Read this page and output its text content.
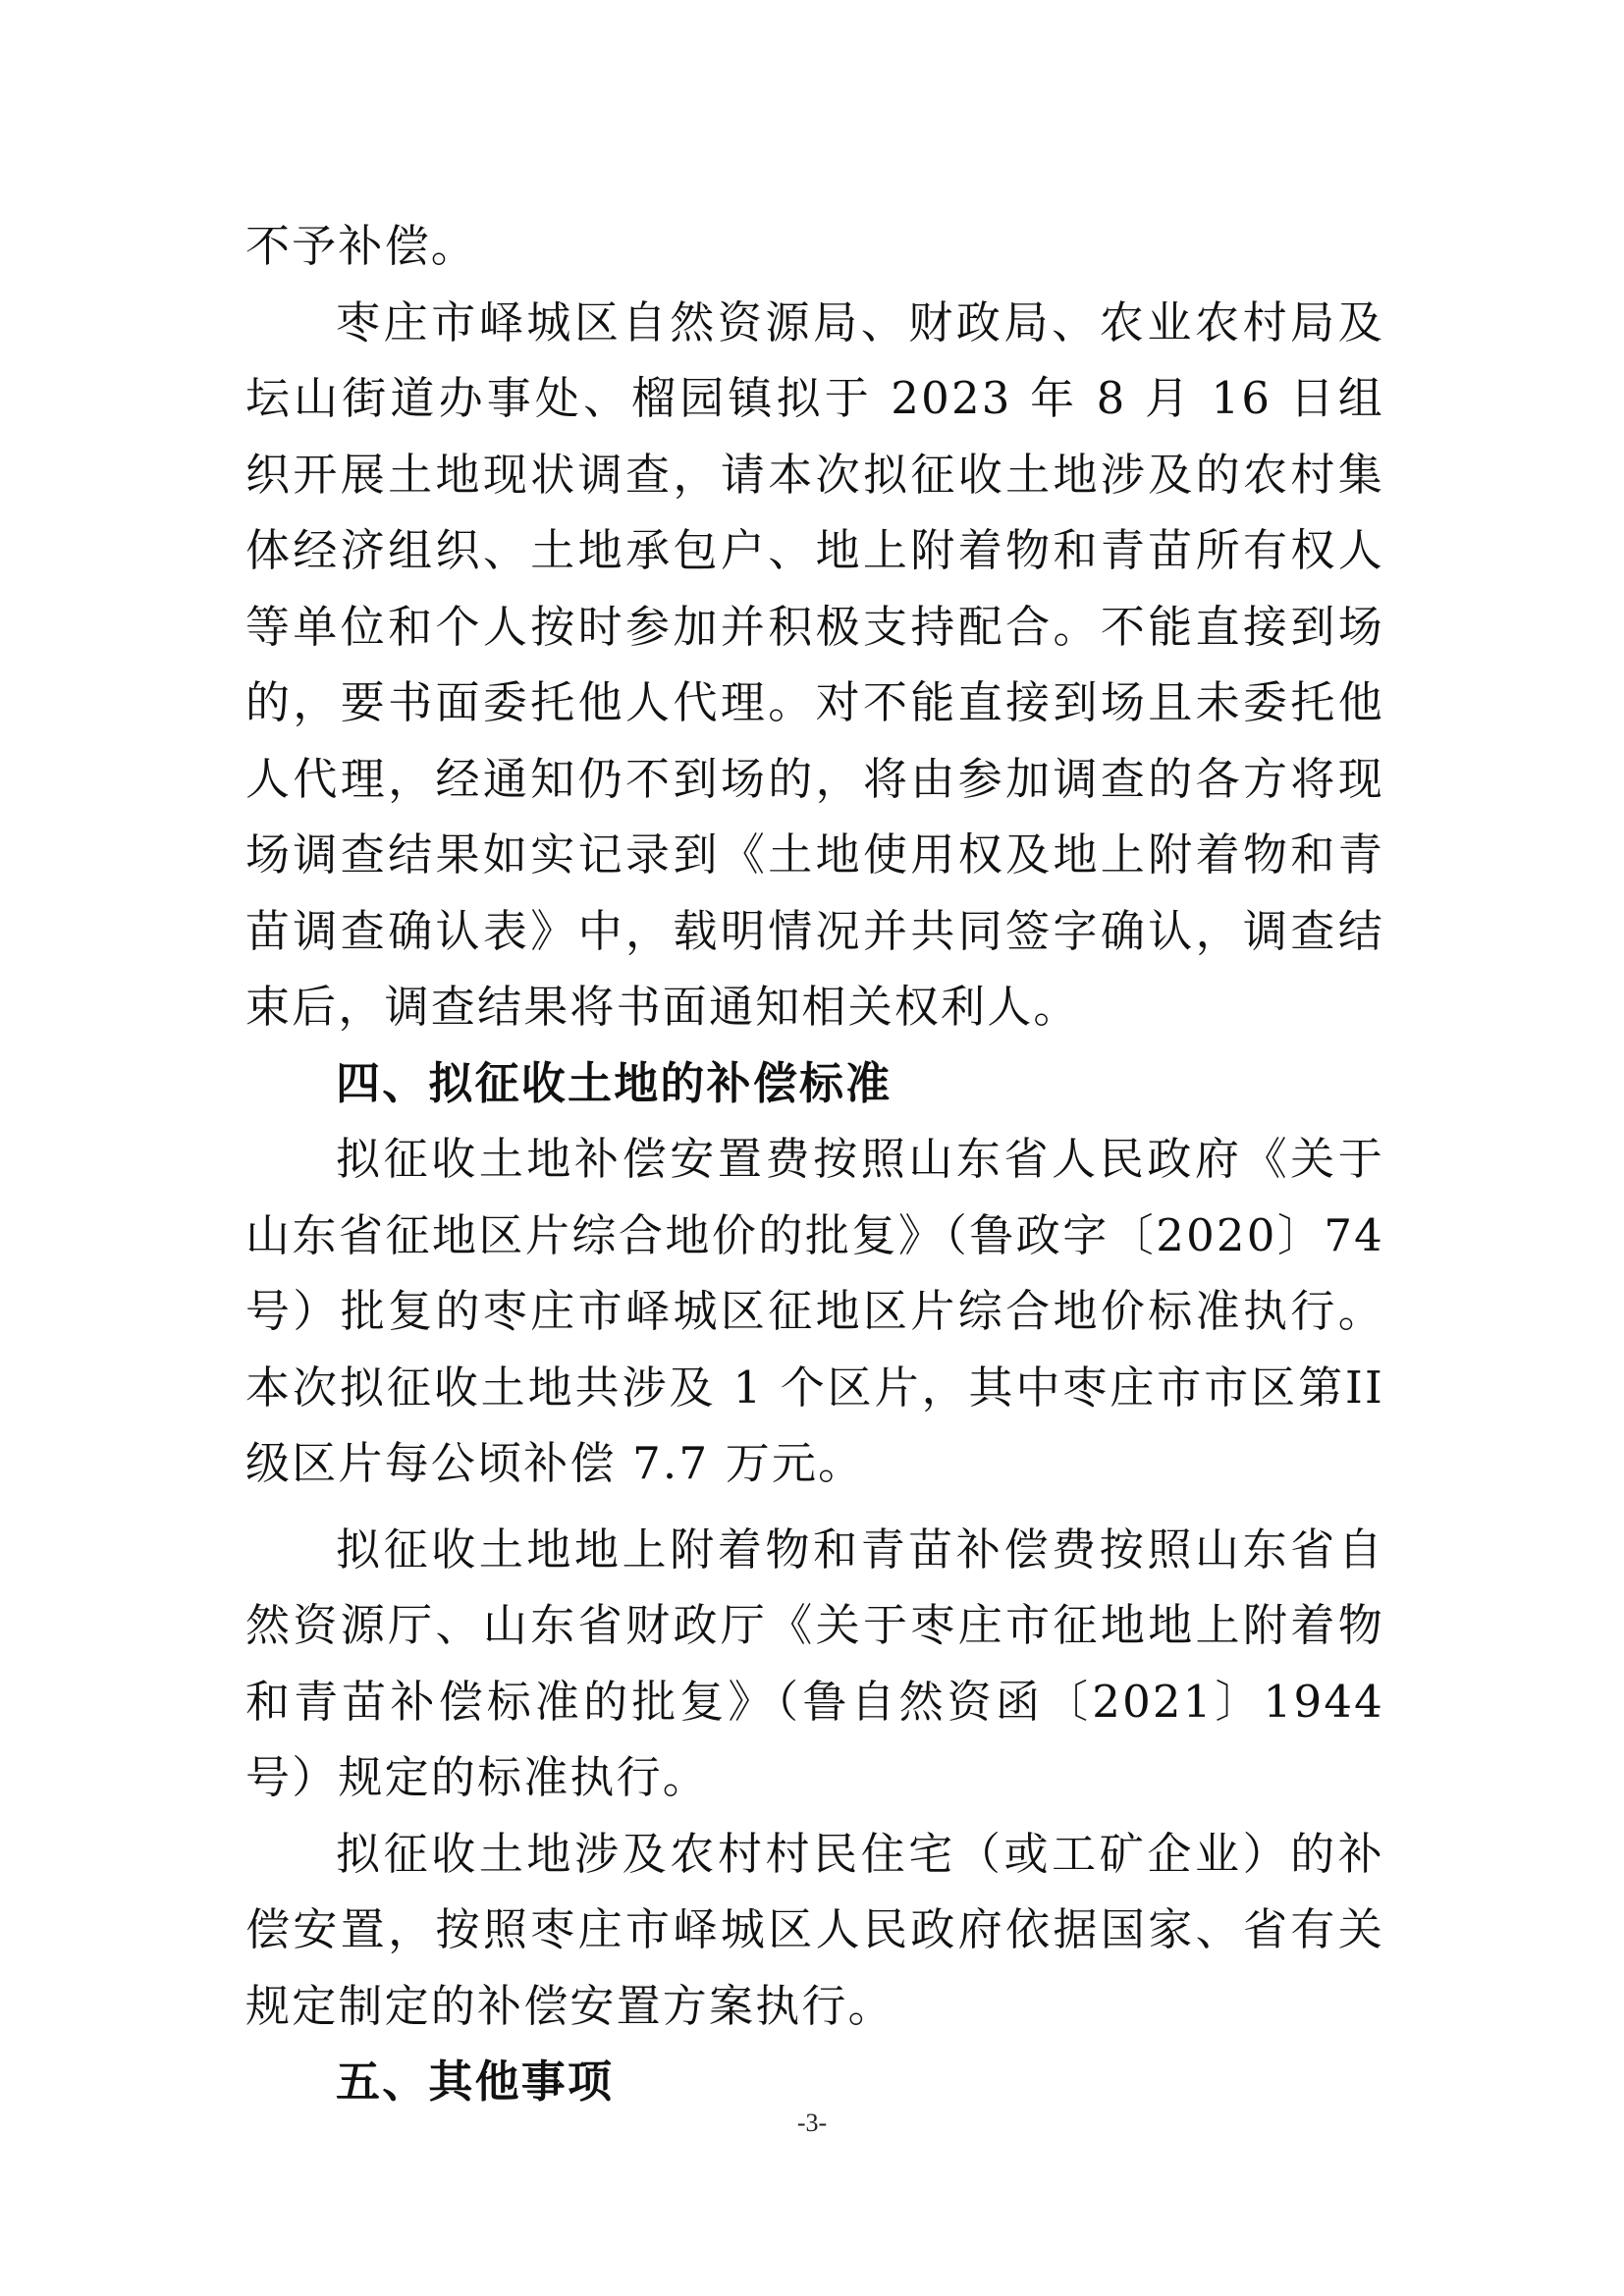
不予补偿。

枣庄市峄城区自然资源局、财政局、农业农村局及坛山街道办事处、榴园镇拟于 2023 年 8 月 16 日组织开展土地现状调查，请本次拟征收土地涉及的农村集体经济组织、土地承包户、地上附着物和青苗所有权人等单位和个人按时参加并积极支持配合。不能直接到场的，要书面委托他人代理。对不能直接到场且未委托他人代理，经通知仍不到场的，将由参加调查的各方将现场调查结果如实记录到《土地使用权及地上附着物和青苗调查确认表》中，载明情况并共同签字确认，调查结束后，调查结果将书面通知相关权利人。

四、拟征收土地的补偿标准

拟征收土地补偿安置费按照山东省人民政府《关于山东省征地区片综合地价的批复》（鲁政字〔2020〕74 号）批复的枣庄市峄城区征地区片综合地价标准执行。本次拟征收土地共涉及 1 个区片，其中枣庄市市区第II级区片每公顷补偿 7.7 万元。

拟征收土地地上附着物和青苗补偿费按照山东省自然资源厅、山东省财政厅《关于枣庄市征地地上附着物和青苗补偿标准的批复》（鲁自然资函〔2021〕1944 号）规定的标准执行。

拟征收土地涉及农村村民住宅（或工矿企业）的补偿安置，按照枣庄市峄城区人民政府依据国家、省有关规定制定的补偿安置方案执行。

五、其他事项

-3-
